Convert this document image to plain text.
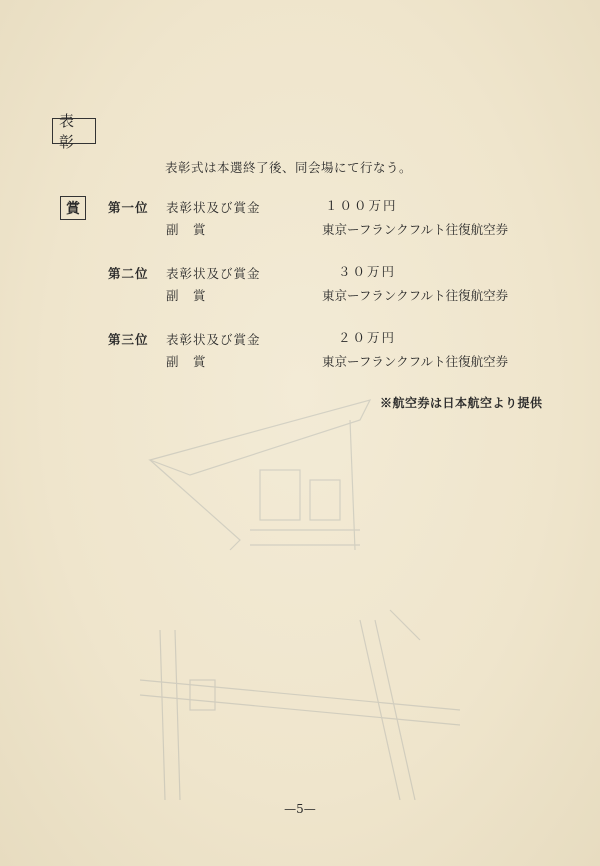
表彰
表彰式は本選終了後、同会場にて行なう。
賞 第一位 表彰状及び賞金	１００万円
副　賞	東京ーフランクフルト往復航空券
第二位 表彰状及び賞金	３０万円
副　賞	東京ーフランクフルト往復航空券
第三位 表彰状及び賞金	２０万円
副　賞	東京ーフランクフルト往復航空券
※航空券は日本航空より提供
—5—
